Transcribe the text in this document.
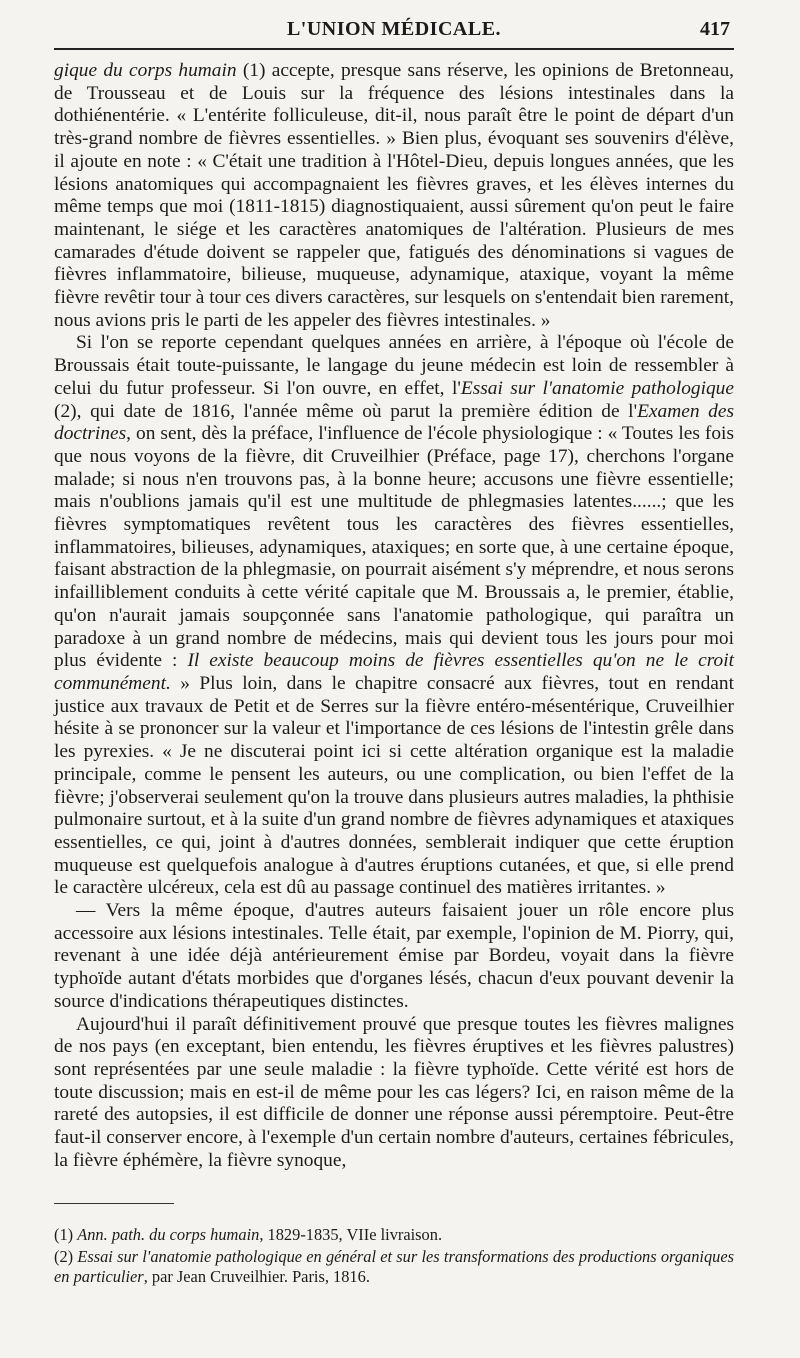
L'UNION MÉDICALE.	417

gique du corps humain (1) accepte, presque sans réserve, les opinions de Bretonneau, de Trousseau et de Louis sur la fréquence des lésions intestinales dans la dothiénentérie. « L'entérite folliculeuse, dit-il, nous paraît être le point de départ d'un très-grand nombre de fièvres essentielles. » Bien plus, évoquant ses souvenirs d'élève, il ajoute en note : « C'était une tradition à l'Hôtel-Dieu, depuis longues années, que les lésions anatomiques qui accompagnaient les fièvres graves, et les élèves internes du même temps que moi (1811-1815) diagnostiquaient, aussi sûrement qu'on peut le faire maintenant, le siége et les caractères anatomiques de l'altération. Plusieurs de mes camarades d'étude doivent se rappeler que, fatigués des dénominations si vagues de fièvres inflammatoire, bilieuse, muqueuse, adynamique, ataxique, voyant la même fièvre revêtir tour à tour ces divers caractères, sur lesquels on s'entendait bien rarement, nous avions pris le parti de les appeler des fièvres intestinales. »

Si l'on se reporte cependant quelques années en arrière, à l'époque où l'école de Broussais était toute-puissante, le langage du jeune médecin est loin de ressembler à celui du futur professeur. Si l'on ouvre, en effet, l'Essai sur l'anatomie pathologique (2), qui date de 1816, l'année même où parut la première édition de l'Examen des doctrines, on sent, dès la préface, l'influence de l'école physiologique : « Toutes les fois que nous voyons de la fièvre, dit Cruveilhier (Préface, page 17), cherchons l'organe malade; si nous n'en trouvons pas, à la bonne heure; accusons une fièvre essentielle; mais n'oublions jamais qu'il est une multitude de phlegmasies latentes......; que les fièvres symptomatiques revêtent tous les caractères des fièvres essentielles, inflammatoires, bilieuses, adynamiques, ataxiques; en sorte que, à une certaine époque, faisant abstraction de la phlegmasie, on pourrait aisément s'y méprendre, et nous serons infailliblement conduits à cette vérité capitale que M. Broussais a, le premier, établie, qu'on n'aurait jamais soupçonnée sans l'anatomie pathologique, qui paraîtra un paradoxe à un grand nombre de médecins, mais qui devient tous les jours pour moi plus évidente : Il existe beaucoup moins de fièvres essentielles qu'on ne le croit communément. » Plus loin, dans le chapitre consacré aux fièvres, tout en rendant justice aux travaux de Petit et de Serres sur la fièvre entéro-mésentérique, Cruveilhier hésite à se prononcer sur la valeur et l'importance de ces lésions de l'intestin grêle dans les pyrexies. « Je ne discuterai point ici si cette altération organique est la maladie principale, comme le pensent les auteurs, ou une complication, ou bien l'effet de la fièvre; j'observerai seulement qu'on la trouve dans plusieurs autres maladies, la phthisie pulmonaire surtout, et à la suite d'un grand nombre de fièvres adynamiques et ataxiques essentielles, ce qui, joint à d'autres données, semblerait indiquer que cette éruption muqueuse est quelquefois analogue à d'autres éruptions cutanées, et que, si elle prend le caractère ulcéreux, cela est dû au passage continuel des matières irritantes. »

— Vers la même époque, d'autres auteurs faisaient jouer un rôle encore plus accessoire aux lésions intestinales. Telle était, par exemple, l'opinion de M. Piorry, qui, revenant à une idée déjà antérieurement émise par Bordeu, voyait dans la fièvre typhoïde autant d'états morbides que d'organes lésés, chacun d'eux pouvant devenir la source d'indications thérapeutiques distinctes.

Aujourd'hui il paraît définitivement prouvé que presque toutes les fièvres malignes de nos pays (en exceptant, bien entendu, les fièvres éruptives et les fièvres palustres) sont représentées par une seule maladie : la fièvre typhoïde. Cette vérité est hors de toute discussion; mais en est-il de même pour les cas légers? Ici, en raison même de la rareté des autopsies, il est difficile de donner une réponse aussi péremptoire. Peut-être faut-il conserver encore, à l'exemple d'un certain nombre d'auteurs, certaines fébricules, la fièvre éphémère, la fièvre synoque,

(1) Ann. path. du corps humain, 1829-1835, VIIe livraison.

(2) Essai sur l'anatomie pathologique en général et sur les transformations des productions organiques en particulier, par Jean Cruveilhier. Paris, 1816.
